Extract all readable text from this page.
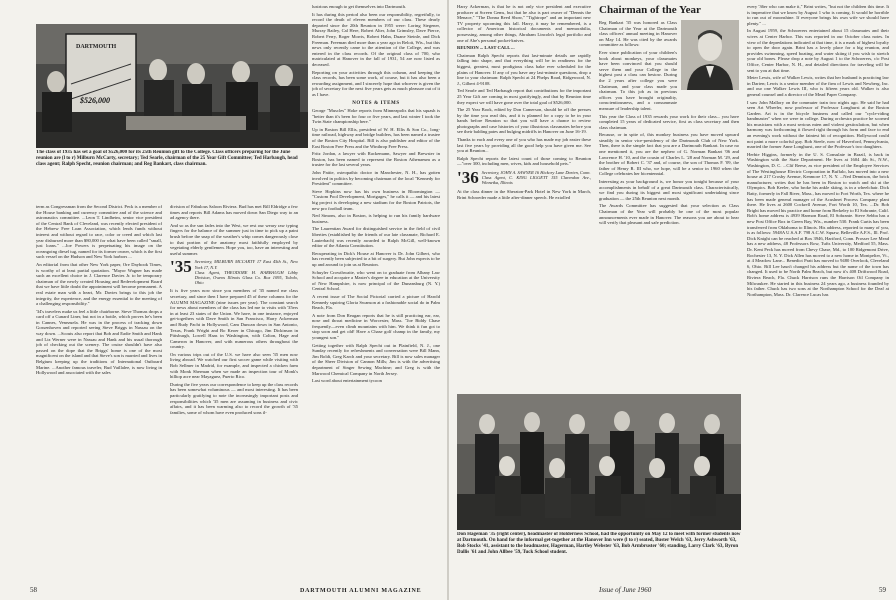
DARTMOUTH
$526,000
The class of 1935 has set a goal of $526,000 for its 25th Reunion gift to the College. Class officers preparing for the June reunion are (l to r) Milburn McCarty, secretary; Ted Searle, chairman of the 25 Year Gift Committee; Ted Harbaugh, head class agent; Ralph Specht, reunion chairman; and Reg Bankart, class chairman.

term as Congressman from the Second District. Peck is a member of the House banking and currency committee and of the science and astronautics committee. ...Leon T. Lindheim, senior vice president of the Central Bank of Cleveland, was recently elected president of the Hebrew Free Loan Association, which lends funds without interest and without regard to race, color or creed and which last year disbursed more than $80,000 for what have been called "small, just loans." ...Joe Powers is perpetuating his image on the oceangoing diesel tug, named for its former owner, which is the first such vessel on the Hudson and New York harbors ...

An editorial from that other New York paper, Ore Daybook Times, is worthy of at least partial quotation. "Mayor Wagner has made such an excellent choice in J. Clarence Davies Jr. to be temporary chairman of the newly created Housing and Redevelopment Board that we have little doubt the appointment will become permanent. A real estate man with a heart, Mr. Davies brings to this job the integrity, the experience, and the energy essential to the meeting of a challenging responsibility."

'34's travelers make us feel a little chairborne. Steve Thomas drops a card off a Cunard Liner, but not in a bottle, which proves he's been in Cannes, Venezuela. He was in the process of tracking down Gossenhoven and reported seeing Steve Briggs in Nassau on the way down. ...Scouts also report that Bob and Eadie Smith and Hank and Liz Werner were in Nassau and Hank and his usual thorough job of checking out the scenery. The cruise shouldn't have also passed on the dope that the Briggs' home is one of the most magnificent on the island and that Steve's son is married and lives in Belgium keeping up the traditions of International Outboard Marine. ...Another famous traveler, Bud Vaillalee, is now living in Hollywood and associated with the sales

division of Fabulous Saloon Riviera. Bud has met Bill Eldridge a few times and reports Bill Adams has moved down San Diego way to an ad agency there.

And so as the sun fades into the West, we rest our weary raw typing fingers for the balance of the summer just in time to pick up a paint brush before the snap of the weather's whip comes dangerously close to that portion of the anatomy most faithfully employed by vegetating elderly gentlemen. Hope you, too, have an interesting and useful summer.

'35 Secretary, MILBURN MCCARTY 17 East 45th St., New York 17, N.Y.
Class Agent, THEODORE H. HARBAUGH Libby Division, Owens Illinois Glass Co. Box 1095, Toledo, Ohio

It is five years now since you members of '35 named me class secretary, and since then I have prepared 45 of these columns for the ALUMNI MAGAZINE (nine issues per year). The constant search for news about members of the class has led me to visits with '35ers in at least 23 states of the Union. We have, in one instance, enjoyed get-togethers with Dave Smith in San Francisco, Harry Ackerman and Rudy Pacht in Hollywood, Cam Duncan down in San Antonio, Texas, Frank Wright and Bo Keoer in Chicago, Jim Dickinson in Pittsburgh, Lowell Haas in Washington, with Colton, Hage and Cameron in Hanover, and with numerous others throughout the country.

On various trips out of the U.S. we have also seen '35 men now living abroad. We watched our first soccer game while visiting with Bob Sellmer in Madrid, for example, and inspected a chicken farm with Monk Sherman when we made an inspection tour of Monk's hilltop acre near Mayaguez, Puerto Rico.

During the five years our correspondence to keep up the class records has been somewhat voluminous — and most interesting. It has been particularly gratifying to note the increasingly important posts and responsibilities which '35 men are assuming in business and civic affairs, and it has been warming also to record the growth of '35 families, some of whom have even produced sons il-

lustrious enough to get themselves into Dartmouth.

It has during this period also been our responsibility, regretfully, to record the death of eleven members of our class. These dearly departed since the 20th Reunion in 1955 were: Loring Siegener, Murray Bailey, Cal Here, Robert Alter, John Grimsley, Dave Pierce, Robert Ferry, Roger Morris, Robert Hahn, Duane Steinle, and Dick Freeman. Freeman died more than a year ago in Beloit, Wis., but this news only recently came to the attention of the College, and was entered in the class records. Of the original class of 700, who matriculated at Hanover in the fall of 1931, 54 are now listed as deceased.

Reporting on your activities through this column, and keeping the class records, has been some work, of course, but it has also been a rewarding assignment, and I sincerely hope that whoever is given the job of secretary for the next five years gets as much pleasure out of it as I have.

NOTES & ITEMS

George "Muscles" Hoke reports from Minneapolis that his squash is "better than it's been for four or five years, and last winter I took the Twin State championship here."

Up in Boston Bill Ellis, president of W. H. Ellis & Son Co., long-time railroad, highway and bridge builders, has been named a trustee of the Boston City Hospital. Bill is also publisher and editor of the East Boston Free Press and the Winthrop Free Press.

Fritz Jordan, a lawyer with Rackemann, Sawyer and Brewster in Boston, has been named to represent the Boston Athenaeum as a trustee for the last several years.

John Pattie, osteopathic doctor in Manchester, N. H., has gotten involved in politics by becoming chairman of the local "Kennedy for President" committee.

Steve Hopkins now has his own business in Bloomington — "Custom Pool Development, Mortgages," he calls it — and his latest big project is developing a new stadium for the Boston Patriots, the new pro football team.

Ned Simons, also in Boston, is helping to run his family hardware business.

The Laurentian Award for distinguished service in the field of civil liberties (established by the friends of our late classmate, Richard E. Lauterbach) was recently awarded to Ralph McGill, well-known editor of the Atlanta Constitution.

Recuperating in Dick's House at Hanover is Dr. John Gilbert, who has recently been subjected to a bit of surgery. But John expects to be up and around to join us at Reunion.

Schuyler Crowthwaite, who went on to graduate from Albany Law School and accquire a Master's degree in education at the University of New Hampshire, is now principal of the Dunansburg (N. Y.) Central School.

A recent issue of The Social Pictorial carried a picture of Harold Kennedy squiring Gloria Swanson at a fashionable social do in Palm Beach, Fla.

A note from Don Reagan reports that he is still practicing ear, ear, nose and throat medicine in Worcester, Mass. "Joe Biddy Chase frequently—even climb mountains with him. We think it fun got to stop soon and get old! Have a Chase golf champ in the family, my youngest son."

Getting together with Ralph Specht out in Plainfield, N. J., one Sunday recently for refreshments and conversation were Bill Mann, Jim Boldt, Greg Karch and your secretary. Bill is now sales manager of the Sheer Division of Cannon Mills; Jim is with the advertising department of Singer Sewing Machine; and Greg is with the Marwood Chemical Company in North Jersey.

Last word about entertainment tycoon

58	DARTMOUTH ALUMNI MAGAZINE

Harry Ackerman, is that he is not only vice president and executive producer at Screen Gems, but that he also is part owner of "Dennis the Menace," "The Donna Reed Show," "Tightrope" and an important new TV property upcoming this fall. Harry, it may be remembered, is a collector of American historical documents and memorabilia, possessing, among other things, Abraham Lincoln's legal portfolio and one of Abe's personal pocket-knives.

REUNION ... LAST CALL ...

Chairman Ralph Specht reports that last-minute details are rapidly falling into shape, and that everything will be in readiness for the biggest, greatest, most prodigious class bake ever scheduled for the plains of Hanover. If any of you have any last-minute questions, drop a line to your chairman: Ralph Specht at 24 Phelps Road, Ridgewood, N. J., Gilbert 4-9108.

Ted Searle and Ted Harbaugh report that contributions for the important 25 Year Gift are coming in most gratifyingly, and that by Reunion time they expect we will have gone over the total goal of $526,000.

The 25 Year Book, edited by Don Camerson, should be off the presses by the time you read this, and it is planned for a copy to be in your hands before Reunion so that you will have a chance to review photographs and case histories of your illustrious classmates before you see their balding pates and bulging midriffs in Hanover on June 16-19.

Thanks to each and every one of you who has made my job easier these last five years by providing all the good help you have given me. See you at Reunion...

Ralph Specht reports the latest count of those coming to Reunion—"over 300, including men, wives, kids and household pets."

'36 Secretary, JOHN A. SAWYER 16 Hickory Lane Darien, Conn.
Class Agent, C. KING LIGGETT 155 Clarendon Ave., Winnetka, Illinois

At the class dinner in the Sheraton-Park Hotel in New York in March, Brint Schroeder made a little after-dinner speech. He extolled

Chairman of the Year

Reg Bankart '35 was honored as Class Chairman of the Year at the Dartmouth class officers' annual meeting in Hanover on May 14. He was cited by the awards committee as follows:

Ever since publication of your children's book about monkeys, your classmates have been convinced that you should serve them and your College in the highest post a class can bestow. During the 2 years after college you were Chairman, and your class made you chairman. To this job as in previous offices you have brought originality, conscientiousness, and a consummate measure of leadership talent.

This year the Class of 1935 rewards your work for their class... you have completed 15 years of dedicated service, first as class secretary and then class chairman.

Because, or in spite of, this monkey business you have moved upward steadily in senior vice-presidency of the Dartmouth Club of New York. Then, there is the simple fact that you are a Dartmouth Bankart. In case no one mentioned it, you are the nephew of G. Norman Bankart '06 and Lawrence H. '10, and the cousin of Charles L. '28 and Norman M. '29, and the brother of Robert C. '37 and, of course, the son of Thomas F. '09, the father of Henry R. III who, we hope, will be a senior in 1960 when the College celebrates her bicentennial.

Interesting as your background is, we honor you tonight because of your accomplishments in behalf of a great Dartmouth class. Characteristically, we find you during its biggest and most significant undertaking since graduation — the 25th Reunion next month.

The Awards Committee has suggested that your selection as Class Chairman of the Year will probably be one of the most popular announcements ever made in Hanover. The reasons you are about to hear will verify that pleasant and safe prediction.

every '36er who can make it," Brint writes, "but not the children this time. It is imperative that we know by August 1 who is coming. It would be horrible to run out of moonshine. If everyone brings his own wife we should have plenty." ...

In August 1959, the Schroerers entertained about 15 classmates and their wives at Center Harbor. This was reported in our October class notes. In view of the depredations indicated at that time, it is a mark of highest loyalty to open the door again. Brint has a lovely place for a big reunion, and provides swimming, speed boating, and water skiing if you wish to stretch your old bones. Please drop a note by August 1 to the Schroerers, c/o Post Office, Center Harbor, N. H., and detailed directions for traveling will be sent to you at that time.

Meier Lewis, wife of Walker Lewis, writes that her husband is practicing law in Darien; Lewis is a senior member of the firm of Lewis and Newberg, Inc. and our one Walker Lewis III, who is fifteen years old. Walker is also general counsel and a director of the Mead Paper Company.

I saw John Mallory on the commuter train two nights ago. He said he had seen Art Wheeler, now professor of Professor Longhurst at the Boston Garden. Art is in the bicycle business and called our "cycle-riding bandmaster" when we were in college. During orchestra practice he scorned his musicians with a most serious mien and violent gesticulation, but when harmony was forthcoming it flowed right through his form and face to end an evening's work without the faintest bit of recognition. Hollywood could not paint a more colorful guy. Bob Steele, now of Haverford, Pennsylvania, married the former Anne Longhurst, one of the Professor's two daughters.

Herbie Higgins, formerly in the U. S. Consulate in Brazil, is back in Washington with the State Department. He lives at 1604 4th St., N.W., Washington, D. C. ...Clif Reese, as vice president of the Employee Services of The Westinghouse Electric Corporation in Buffalo, has moved into a new house at 217 Crosby Avenue, Kenmore 17, N. Y. ...Ned Dennison, the brick manufacturer, writes that he has been in Boston to watch and ski at the Olympics. Bob Keeler, who broke his ankle skiing, is in a wheelchair. Dick Batty, formerly in Fall River, Mass., has moved to Fort Worth, Tex. where he has been made general manager of the Acushnet Process Company plant there. He lives at 2600 Cockrell Avenue, Fort Worth 10, Tex. ...Dr. Bob Bright has moved his practice and home from Berkeley to El Sobrante, Calif. Bob's home address is 4939 Harmon Road, El Sobrante. Steve Sebba has a new Post Office Box in Green Bay, Wis., number 530. Frank Curtis has been transferred from Oklahoma to Illinois. His address, reported to many of you, is as follows: 5948A U.S.A.F. 798 A.C.W. Squaw, Belleville A.F.S., Ill. Prof. Dick Knight can be reached at Box 3946, Hartford, Conn. Prosser Lee Mead has a new address, 48 Professors Row, Tufts University, Medford 55, Mass. Dr. Kent Peck has moved from Chevy Chase, Md., to 100 Ridgemont Drive, Rochester 13, N. Y. Dick Allen has moved to a new home in Montpelier, Vt., at 4 Meadow Lane... Benedict Pratt has moved to 9480 Overlook, Cleveland 6, Ohio. Bill Lee hasn't changed his address but the name of the town has changed. It used to be North Palm Beach, but now it's 408 Driftwood Road, Riviera Beach, Fla. Chuck Harrison runs the Harrison Oil Company in Milwaukee. He started in this business 24 years ago, a business founded by his father. Chuck has two sons at the Northampton School for the Deaf at Northampton, Mass. Dr. Clarence Lucas has

Don Hageman '35 (right center), headmaster of Holderness School, had the opportunity on May 12 to meet with former students now at Dartmouth. On hand for the informal get-together at the Hanover Inn were (l to r) seated, Buster Welch '63, Jerry Ashworth '63, Bob Stocks '41, assistant to the headmaster, Hagerman, Hartley Webster '63, Bob Armbruster '60; standing, Larry Clark '63, Byron Dallis '61 and John Allbee '59, Tuck School student.
Issue of June 1960	59
